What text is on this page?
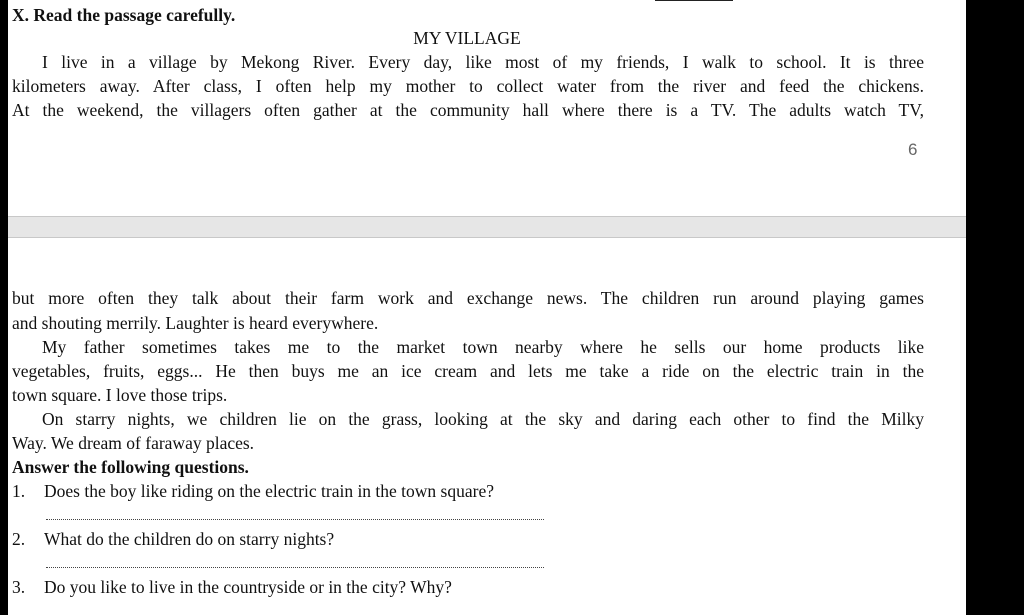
X. Read the passage carefully.
MY VILLAGE
I live in a village by Mekong River. Every day, like most of my friends, I walk to school. It is three
kilometers away. After class, I often help my mother to collect water from the river and feed the chickens.
At the weekend, the villagers often gather at the community hall where there is a TV. The adults watch TV,
6
but more often they talk about their farm work and exchange news. The children run around playing games
and shouting merrily. Laughter is heard everywhere.
My father sometimes takes me to the market town nearby where he sells our home products like
vegetables, fruits, eggs... He then buys me an ice cream and lets me take a ride on the electric train in the
town square. I love those trips.
On starry nights, we children lie on the grass, looking at the sky and daring each other to find the Milky
Way. We dream of faraway places.
Answer the following questions.
1. Does the boy like riding on the electric train in the town square?
2. What do the children do on starry nights?
3. Do you like to live in the countryside or in the city? Why?
